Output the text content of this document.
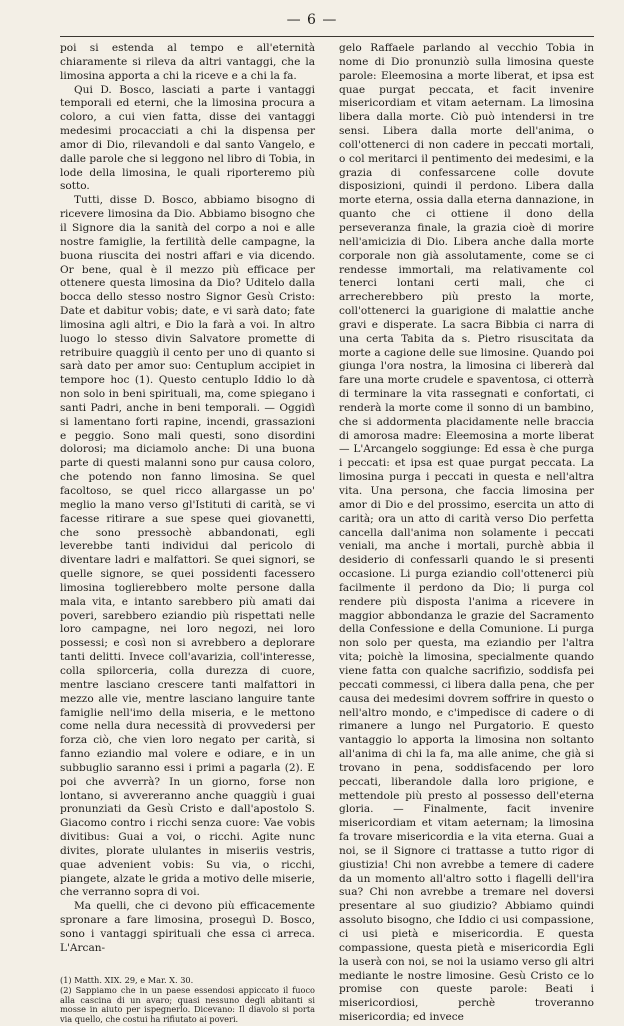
— 6 —

poi si estenda al tempo e all'eternità chiaramente si rileva da altri vantaggi, che la limosina apporta a chi la riceve e a chi la fa.

Qui D. Bosco, lasciati a parte i vantaggi temporali ed eterni, che la limosina procura a coloro, a cui vien fatta, disse dei vantaggi medesimi procacciati a chi la dispensa per amor di Dio, rilevandoli e dal santo Vangelo, e dalle parole che si leggono nel libro di Tobia, in lode della limosina, le quali riporteremo più sotto.

Tutti, disse D. Bosco, abbiamo bisogno di ricevere limosina da Dio. Abbiamo bisogno che il Signore dia la sanità del corpo a noi e alle nostre famiglie, la fertilità delle campagne, la buona riuscita dei nostri affari e via dicendo. Or bene, qual è il mezzo più efficace per ottenere questa limosina da Dio? Uditelo dalla bocca dello stesso nostro Signor Gesù Cristo: Date et dabitur vobis; date, e vi sarà dato; fate limosina agli altri, e Dio la farà a voi. In altro luogo lo stesso divin Salvatore promette di retribuire quaggiù il cento per uno di quanto si sarà dato per amor suo: Centuplum accipiet in tempore hoc (1). Questo centuplo Iddio lo dà non solo in beni spirituali, ma, come spiegano i santi Padri, anche in beni temporali. — Oggidì si lamentano forti rapine, incendi, grassazioni e peggio. Sono mali questi, sono disordini dolorosi; ma diciamolo anche: Di una buona parte di questi malanni sono pur causa coloro, che potendo non fanno limosina. Se quel facoltoso, se quel ricco allargasse un po' meglio la mano verso gl'Istituti di carità, se vi facesse ritirare a sue spese quei giovanetti, che sono pressochè abbandonati, egli leverebbe tanti individui dal pericolo di diventare ladri e malfattori. Se quei signori, se quelle signore, se quei possidenti facessero limosina toglierebbero molte persone dalla mala vita, e intanto sarebbero più amati dai poveri, sarebbero eziandio più rispettati nelle loro campagne, nei loro negozi, nei loro possessi; e così non si avrebbero a deplorare tanti delitti. Invece coll'avarizia, coll'interesse, colla spilorceria, colla durezza di cuore, mentre lasciano crescere tanti malfattori in mezzo alle vie, mentre lasciano languire tante famiglie nell'imo della miseria, e le mettono come nella dura necessità di provvedersi per forza ciò, che vien loro negato per carità, si fanno eziandio mal volere e odiare, e in un subbuglio saranno essi i primi a pagarla (2). E poi che avverrà? In un giorno, forse non lontano, si avvereranno anche quaggiù i guai pronunziati da Gesù Cristo e dall'apostolo S. Giacomo contro i ricchi senza cuore: Vae vobis divitibus: Guai a voi, o ricchi. Agite nunc divites, plorate ululantes in miseriis vestris, quae advenient vobis: Su via, o ricchi, piangete, alzate le grida a motivo delle miserie, che verranno sopra di voi.

Ma quelli, che ci devono più efficacemente spronare a fare limosina, proseguì D. Bosco, sono i vantaggi spirituali che essa ci arreca. L'Arcan-

(1) Matth. XIX. 29, e Mar. X. 30.

(2) Sappiamo che in un paese essendosi appiccato il fuoco alla cascina di un avaro; quasi nessuno degli abitanti si mosse in aiuto per ispegnerlo. Dicevano: Il diavolo si porta via quello, che costui ha rifiutato ai poveri.

gelo Raffaele parlando al vecchio Tobia in nome di Dio pronunziò sulla limosina queste parole: Eleemosina a morte liberat, et ipsa est quae purgat peccata, et facit invenire misericordiam et vitam aeternam. La limosina libera dalla morte. Ciò può intendersi in tre sensi. Libera dalla morte dell'anima, o coll'ottenerci di non cadere in peccati mortali, o col meritarci il pentimento dei medesimi, e la grazia di confessarcene colle dovute disposizioni, quindi il perdono. Libera dalla morte eterna, ossia dalla eterna dannazione, in quanto che ci ottiene il dono della perseveranza finale, la grazia cioè di morire nell'amicizia di Dio. Libera anche dalla morte corporale non già assolutamente, come se ci rendesse immortali, ma relativamente col tenerci lontani certi mali, che ci arrecherebbero più presto la morte, coll'ottenerci la guarigione di malattie anche gravi e disperate. La sacra Bibbia ci narra di una certa Tabita da s. Pietro risuscitata da morte a cagione delle sue limosine. Quando poi giunga l'ora nostra, la limosina ci libererà dal fare una morte crudele e spaventosa, ci otterrà di terminare la vita rassegnati e confortati, ci renderà la morte come il sonno di un bambino, che si addormenta placidamente nelle braccia di amorosa madre: Eleemosina a morte liberat — L'Arcangelo soggiunge: Ed essa è che purga i peccati: et ipsa est quae purgat peccata. La limosina purga i peccati in questa e nell'altra vita. Una persona, che faccia limosina per amor di Dio e del prossimo, esercita un atto di carità; ora un atto di carità verso Dio perfetta cancella dall'anima non solamente i peccati veniali, ma anche i mortali, purchè abbia il desiderio di confessarli quando le si presenti occasione. Li purga eziandio coll'ottenerci più facilmente il perdono da Dio; li purga col rendere più disposta l'anima a ricevere in maggior abbondanza le grazie del Sacramento della Confessione e della Comunione. Li purga non solo per questa, ma eziandio per l'altra vita; poichè la limosina, specialmente quando viene fatta con qualche sacrifizio, soddisfa pei peccati commessi, ci libera dalla pena, che per causa dei medesimi dovrem soffrire in questo o nell'altro mondo, e c'impedisce di cadere o di rimanere a lungo nel Purgatorio. E questo vantaggio lo apporta la limosina non soltanto all'anima di chi la fa, ma alle anime, che già si trovano in pena, soddisfacendo per loro peccati, liberandole dalla loro prigione, e mettendole più presto al possesso dell'eterna gloria. — Finalmente, facit invenire misericordiam et vitam aeternam; la limosina fa trovare misericordia e la vita eterna. Guai a noi, se il Signore ci trattasse a tutto rigor di giustizia! Chi non avrebbe a temere di cadere da un momento all'altro sotto i flagelli dell'ira sua? Chi non avrebbe a tremare nel doversi presentare al suo giudizio? Abbiamo quindi assoluto bisogno, che Iddio ci usi compassione, ci usi pietà e misericordia. E questa compassione, questa pietà e misericordia Egli la userà con noi, se noi la usiamo verso gli altri mediante le nostre limosine. Gesù Cristo ce lo promise con queste parole: Beati i misericordiosi, perchè troveranno misericordia; ed invece
